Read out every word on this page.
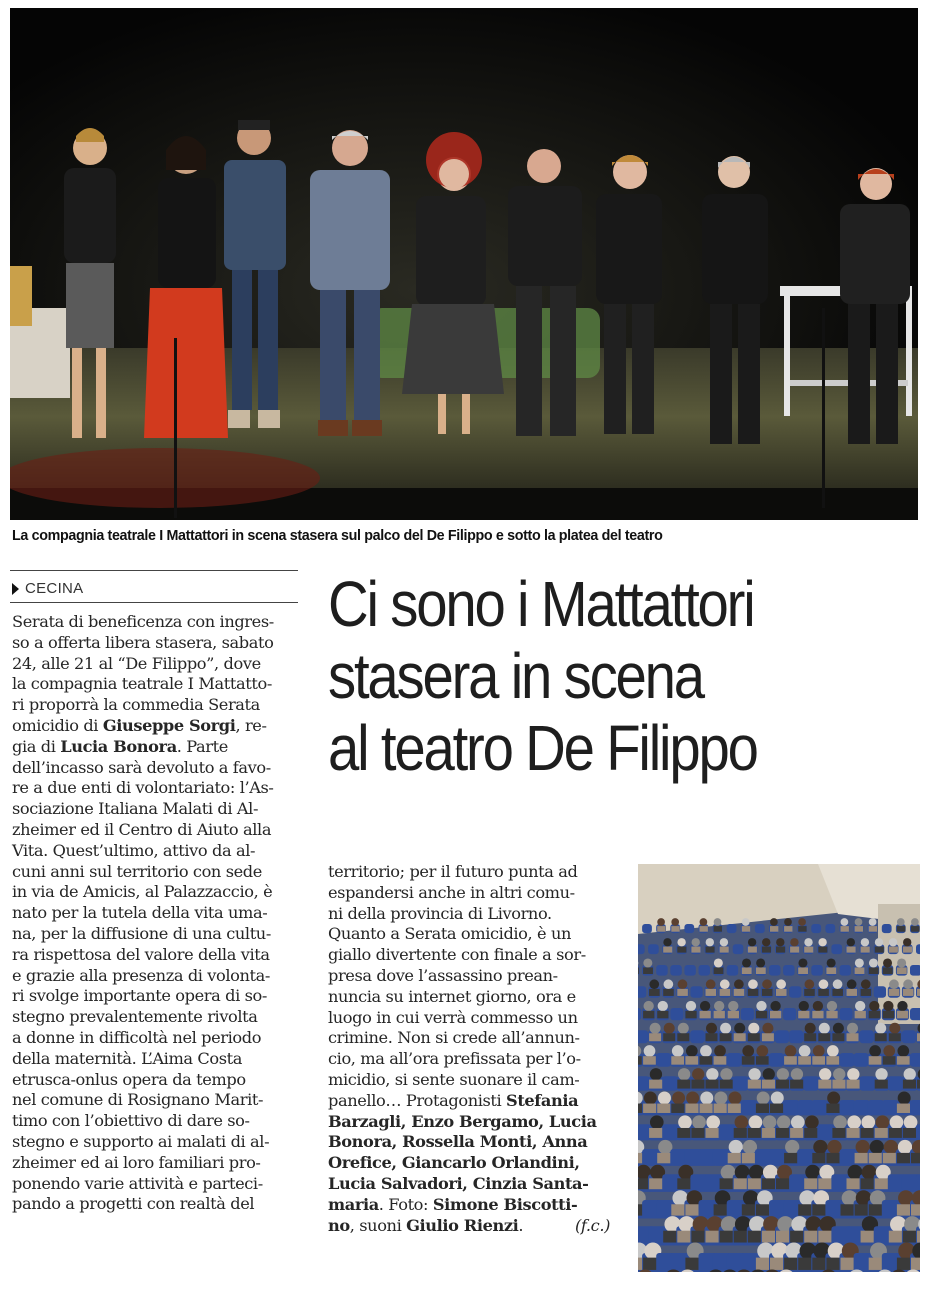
La compagnia teatrale I Mattattori in scena stasera sul palco del De Filippo e sotto la platea del teatro
CECINA	Ci sono i Mattattori
stasera in scena
al teatro De Filippo
Serata di beneficenza con ingres-
so a offerta libera stasera, sabato
24, alle 21 al “De Filippo”, dove
la compagnia teatrale I Mattatto-
ri proporrà la commedia Serata
omicidio di Giuseppe Sorgi, re-
gia di Lucia Bonora. Parte
dell’incasso sarà devoluto a favo-
re a due enti di volontariato: l’As-
sociazione Italiana Malati di Al-
zheimer ed il Centro di Aiuto alla
Vita. Quest’ultimo, attivo da al-
cuni anni sul territorio con sede
in via de Amicis, al Palazzaccio, è
nato per la tutela della vita uma-
na, per la diffusione di una cultu-
ra rispettosa del valore della vita
e grazie alla presenza di volonta-
ri svolge importante opera di so-
stegno prevalentemente rivolta
a donne in difficoltà nel periodo
della maternità. L’Aima Costa
etrusca-onlus opera da tempo
nel comune di Rosignano Marit-
timo con l’obiettivo di dare so-
stegno e supporto ai malati di al-
zheimer ed ai loro familiari pro-
ponendo varie attività e parteci-
pando a progetti con realtà del
territorio; per il futuro punta ad
espandersi anche in altri comu-
ni della provincia di Livorno.
Quanto a Serata omicidio, è un
giallo divertente con finale a sor-
presa dove l’assassino prean-
nuncia su internet giorno, ora e
luogo in cui verrà commesso un
crimine. Non si crede all’annun-
cio, ma all’ora prefissata per l’o-
micidio, si sente suonare il cam-
panello… Protagonisti Stefania
Barzagli, Enzo Bergamo, Lucia
Bonora, Rossella Monti, Anna
Orefice, Giancarlo Orlandini,
Lucia Salvadori, Cinzia Santa-
maria. Foto: Simone Biscotti-
no, suoni Giulio Rienzi.	(f.c.)
